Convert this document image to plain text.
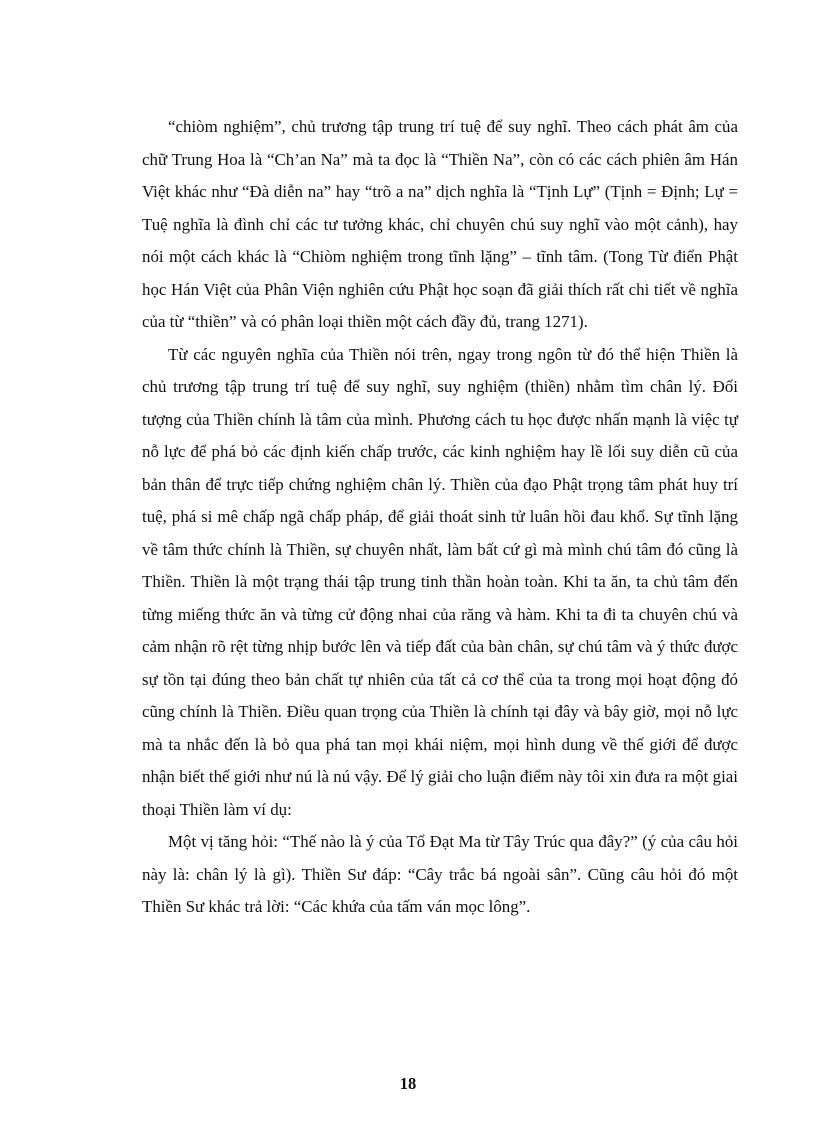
“chiòm nghiệm”, chủ trương tập trung trí tuệ để suy nghĩ. Theo cách phát âm của chữ Trung Hoa là “Ch’an Na” mà ta đọc là “Thiền Na”, còn có các cách phiên âm Hán Việt khác như “Đà diễn na” hay “trõ a na” dịch nghĩa là “Tịnh Lự” (Tịnh = Định; Lự = Tuệ nghĩa là đình chỉ các tư tưởng khác, chỉ chuyên chú suy nghĩ vào một cảnh), hay nói một cách khác là “Chiòm nghiệm trong tĩnh lặng” – tĩnh tâm. (Tong Từ điển Phật học Hán Việt của Phân Viện nghiên cứu Phật học soạn đã giải thích rất chi tiết về nghĩa của từ “thiền” và có phân loại thiền một cách đầy đủ, trang 1271).

Từ các nguyên nghĩa của Thiền nói trên, ngay trong ngôn từ đó thể hiện Thiền là chủ trương tập trung trí tuệ để suy nghĩ, suy nghiệm (thiền) nhằm tìm chân lý. Đối tượng của Thiền chính là tâm của mình. Phương cách tu học được nhấn mạnh là việc tự nỗ lực để phá bỏ các định kiến chấp trước, các kinh nghiệm hay lề lối suy diễn cũ của bản thân để trực tiếp chứng nghiệm chân lý. Thiền của đạo Phật trọng tâm phát huy trí tuệ, phá si mê chấp ngã chấp pháp, để giải thoát sinh tử luân hồi đau khổ. Sự tĩnh lặng về tâm thức chính là Thiền, sự chuyên nhất, làm bất cứ gì mà mình chú tâm đó cũng là Thiền. Thiền là một trạng thái tập trung tinh thần hoàn toàn. Khi ta ăn, ta chủ tâm đến từng miếng thức ăn và từng cử động nhai của răng và hàm. Khi ta đi ta chuyên chú và cảm nhận rõ rệt từng nhịp bước lên và tiếp đất của bàn chân, sự chú tâm và ý thức được sự tồn tại đúng theo bản chất tự nhiên của tất cả cơ thể của ta trong mọi hoạt động đó cũng chính là Thiền. Điều quan trọng của Thiền là chính tại đây và bây giờ, mọi nỗ lực mà ta nhắc đến là bỏ qua phá tan mọi khái niệm, mọi hình dung về thế giới để được nhận biết thế giới như nú là nú vậy. Để lý giải cho luận điểm này tôi xin đưa ra một giai thoại Thiền làm ví dụ:

Một vị tăng hỏi: “Thế nào là ý của Tổ Đạt Ma từ Tây Trúc qua đây?” (ý của câu hỏi này là: chân lý là gì). Thiền Sư đáp: “Cây trắc bá ngoài sân”. Cũng câu hỏi đó một Thiền Sư khác trả lời: “Các khứa của tấm ván mọc lông”.

18
